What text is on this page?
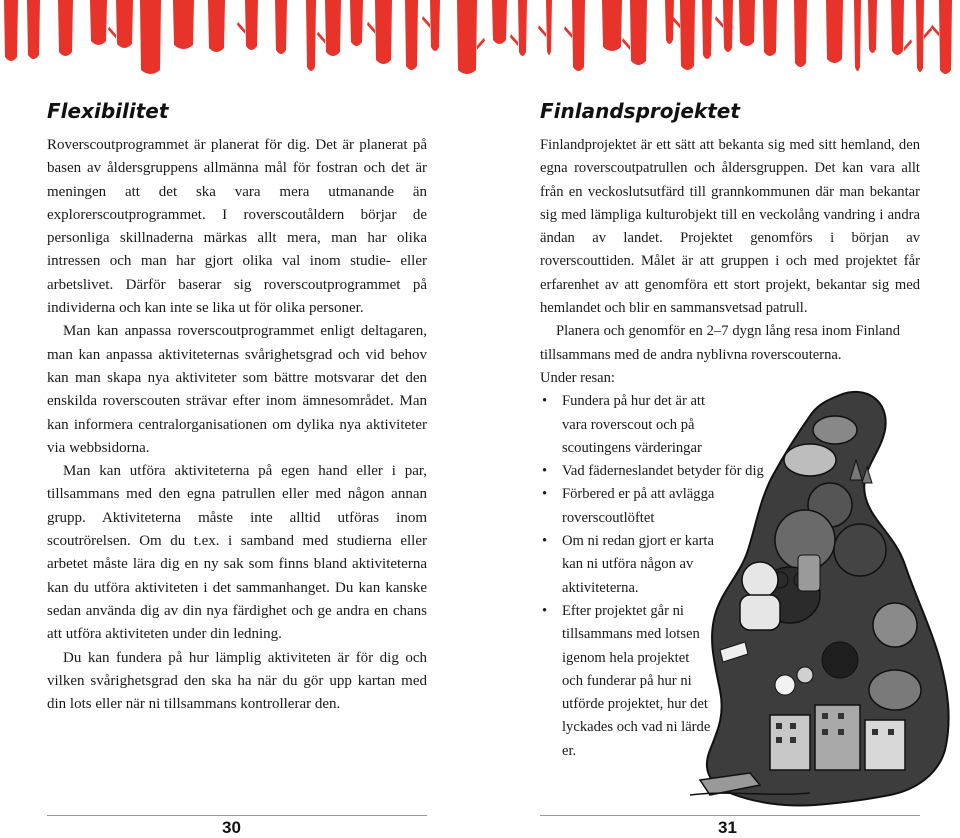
Flexibilitet

Roverscoutprogrammet är planerat för dig. Det är planerat på basen av åldersgruppens allmänna mål för fostran och det är meningen att det ska vara mera utmanande än explorerscoutprogrammet. I roverscoutåldern börjar de personliga skillnaderna märkas allt mera, man har olika intressen och man har gjort olika val inom studie- eller arbetslivet. Därför baserar sig roverscoutprogrammet på individerna och kan inte se lika ut för olika personer.

Man kan anpassa roverscoutprogrammet enligt deltagaren, man kan anpassa aktiviteternas svårighetsgrad och vid behov kan man skapa nya aktiviteter som bättre motsvarar det den enskilda roverscouten strävar efter inom ämnesområdet. Man kan informera centralorganisationen om dylika nya aktiviteter via webbsidorna.

Man kan utföra aktiviteterna på egen hand eller i par, tillsammans med den egna patrullen eller med någon annan grupp. Aktiviteterna måste inte alltid utföras inom scoutrörelsen. Om du t.ex. i samband med studierna eller arbetet måste lära dig en ny sak som finns bland aktiviteterna kan du utföra aktiviteten i det sammanhanget. Du kan kanske sedan använda dig av din nya färdighet och ge andra en chans att utföra aktiviteten under din ledning.

Du kan fundera på hur lämplig aktiviteten är för dig och vilken svårighetsgrad den ska ha när du gör upp kartan med din lots eller när ni tillsammans kontrollerar den.

Finlandsprojektet

Finlandprojektet är ett sätt att bekanta sig med sitt hemland, den egna roverscoutpatrullen och åldersgruppen. Det kan vara allt från en veckoslutsutfärd till grannkommunen där man bekantar sig med lämpliga kulturobjekt till en veckolång vandring i andra ändan av landet. Projektet genomförs i början av roverscouttiden. Målet är att gruppen i och med projektet får erfarenhet av att genomföra ett stort projekt, bekantar sig med hemlandet och blir en sammansvetsad patrull.

Planera och genomför en 2–7 dygn lång resa inom Finland tillsammans med de andra nyblivna roverscouterna.

Under resan:

• Fundera på hur det är att vara roverscout och på scoutingens värderingar
• Vad fäderneslandet betyder för dig
• Förbered er på att avlägga roverscoutlöftet
• Om ni redan gjort er karta kan ni utföra någon av aktiviteterna.
• Efter projektet går ni tillsammans med lotsen igenom hela projektet och funderar på hur ni utförde projektet, hur det lyckades och vad ni lärde er.
30	31
